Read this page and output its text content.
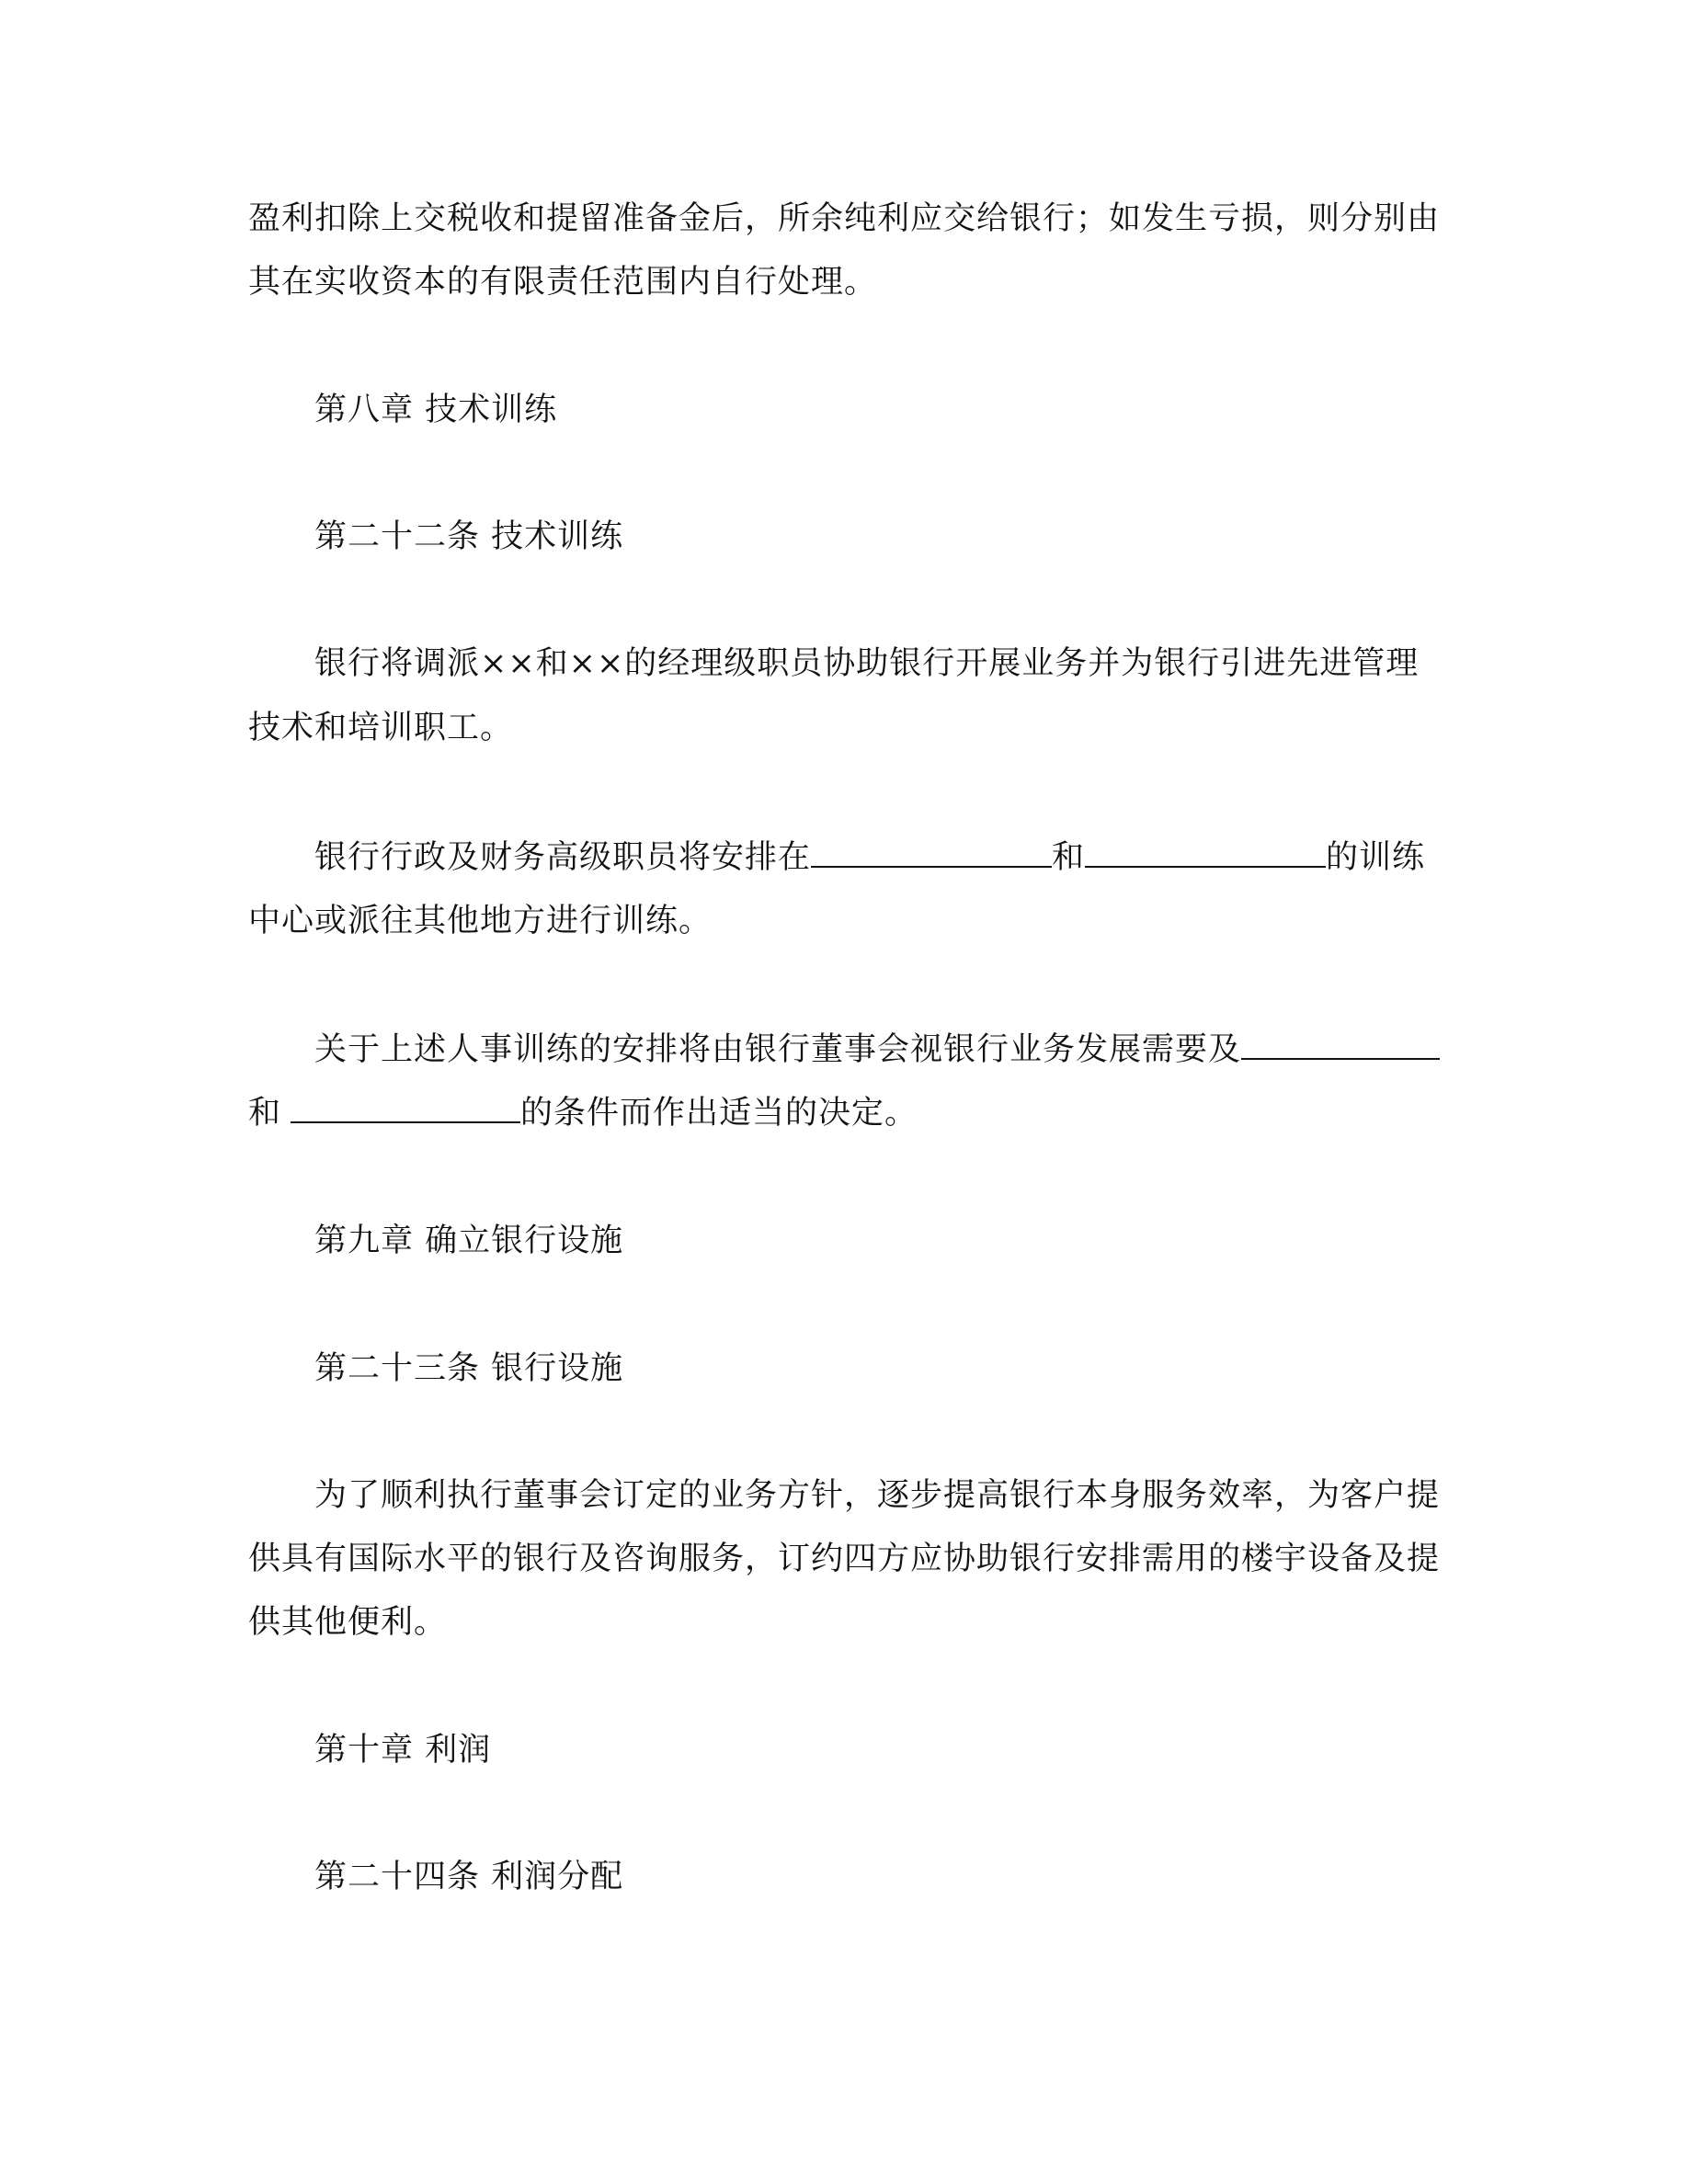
盈利扣除上交税收和提留准备金后，所余纯利应交给银行；如发生亏损，则分别由
其在实收资本的有限责任范围内自行处理。
第八章 技术训练
第二十二条 技术训练
银行将调派××和××的经理级职员协助银行开展业务并为银行引进先进管理
技术和培训职工。
银行行政及财务高级职员将安排在	和	的训练
中心或派往其他地方进行训练。
关于上述人事训练的安排将由银行董事会视银行业务发展需要及
和	的条件而作出适当的决定。
第九章 确立银行设施
第二十三条 银行设施
为了顺利执行董事会订定的业务方针，逐步提高银行本身服务效率，为客户提
供具有国际水平的银行及咨询服务，订约四方应协助银行安排需用的楼宇设备及提
供其他便利。
第十章 利润
第二十四条 利润分配
